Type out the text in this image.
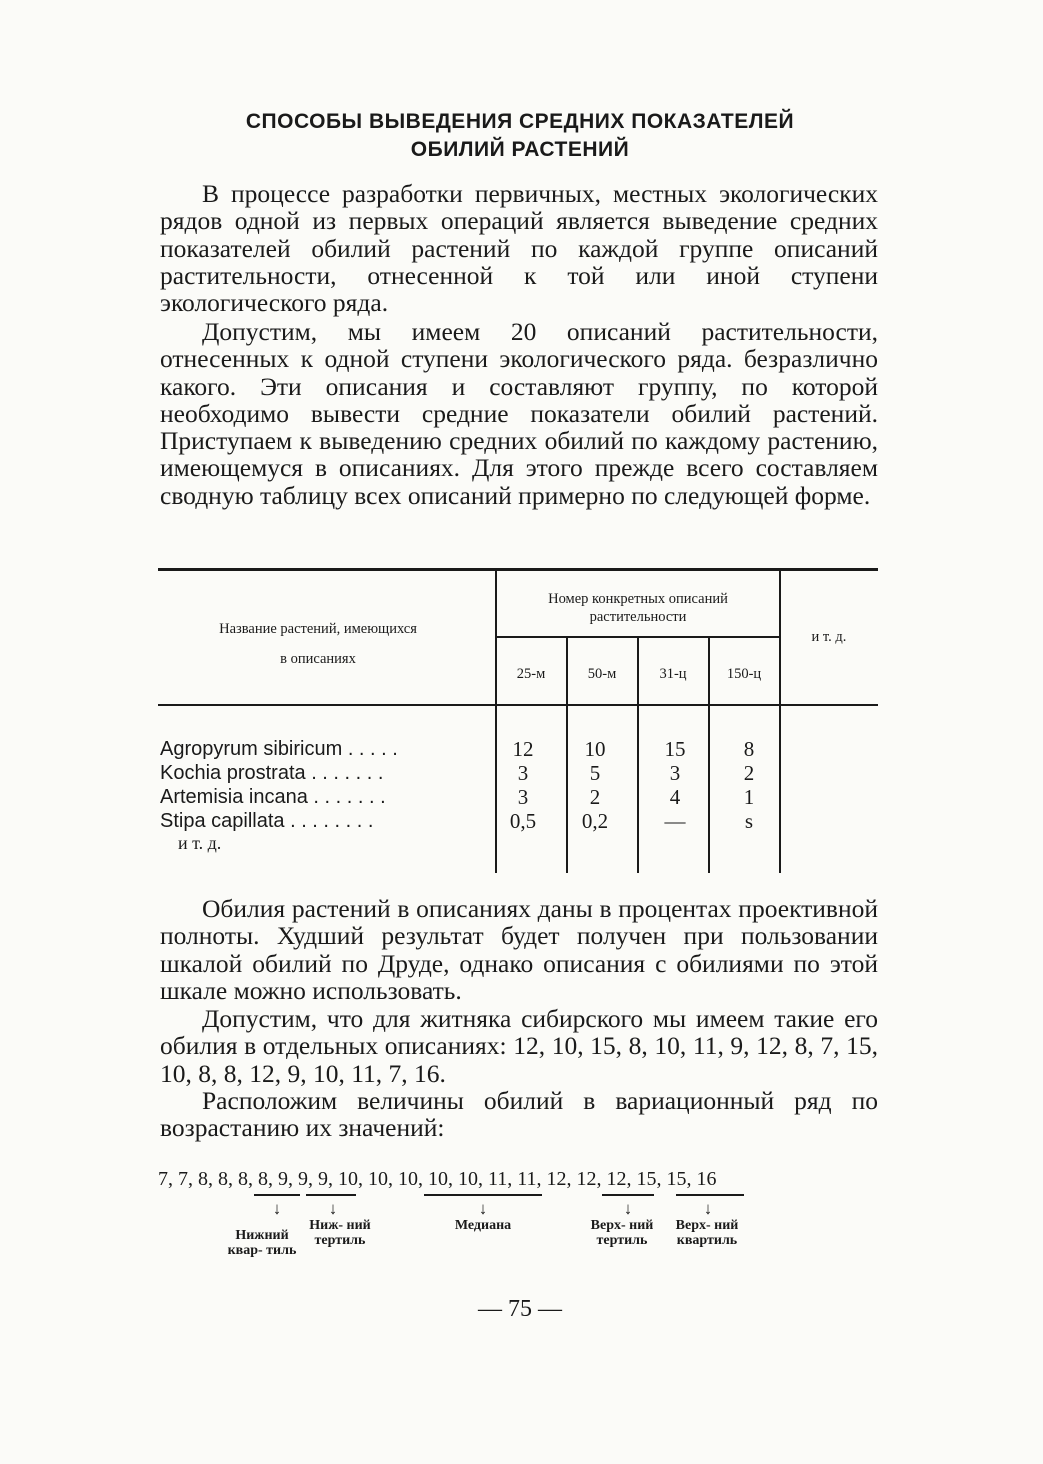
СПОСОБЫ ВЫВЕДЕНИЯ СРЕДНИХ ПОКАЗАТЕЛЕЙ
ОБИЛИЙ РАСТЕНИЙ

В процессе разработки первичных, местных экологических рядов одной из первых операций является выведение средних показателей обилий растений по каждой группе описаний растительности, отнесенной к той или иной ступени экологического ряда.

Допустим, мы имеем 20 описаний растительности, отнесенных к одной ступени экологического ряда. безразлично какого. Эти описания и составляют группу, по которой необходимо вывести средние показатели обилий растений. Приступаем к выведению средних обилий по каждому растению, имеющемуся в описаниях. Для этого прежде всего составляем сводную таблицу всех описаний примерно по следующей форме.

Название растений, имеющихся
в описаниях
Номер конкретных описаний растительности
и т. д.
25-м	50-м	31-ц	150-ц
Agropyrum sibiricum . . . . .	12	10	15	8
Kochia prostrata . . . . . . .	3	5	3	2
Artemisia incana . . . . . . .	3	2	4	1
Stipa capillata . . . . . . . .	0,5	0,2	—	s
и т. д.

Обилия растений в описаниях даны в процентах проективной полноты. Худший результат будет получен при пользовании шкалой обилий по Друде, однако описания с обилиями по этой шкале можно использовать.

Допустим, что для житняка сибирского мы имеем такие его обилия в отдельных описаниях: 12, 10, 15, 8, 10, 11, 9, 12, 8, 7, 15, 10, 8, 8, 12, 9, 10, 11, 7, 16.

Расположим величины обилий в вариационный ряд по возрастанию их значений:

7, 7, 8, 8, 8, 8, 9, 9, 9, 10, 10, 10, 10, 10, 11, 11, 12, 12, 12, 15, 15, 16
↓	↓	↓	↓	↓
Нижний квар- тиль
Ниж- ний тертиль
Медиана	Верх- ний тертиль
Верх- ний квартиль
— 75 —
